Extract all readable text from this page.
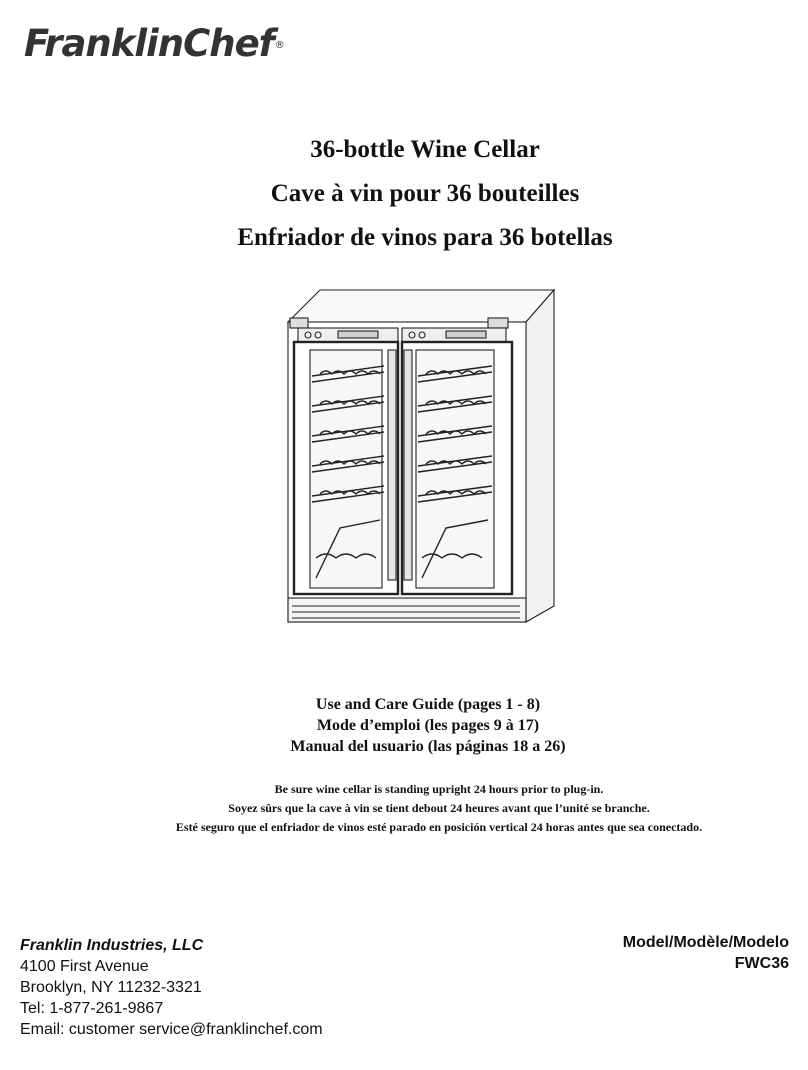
FranklinChef®
36-bottle Wine Cellar
Cave à vin pour 36 bouteilles
Enfriador de vinos para 36 botellas
Use and Care Guide (pages 1 - 8)
Mode d’emploi (les pages 9 à 17)
Manual del usuario (las páginas 18 a 26)
Be sure wine cellar is standing upright 24 hours prior to plug-in.
Soyez sûrs que la cave à vin se tient debout 24 heures avant que l’unité se branche.
Esté seguro que el enfriador de vinos esté parado en posición vertical 24 horas antes que sea conectado.
Franklin Industries, LLC
4100 First Avenue
Brooklyn, NY 11232-3321
Tel: 1-877-261-9867
Email: customer service@franklinchef.com
Model/Modèle/Modelo
FWC36
